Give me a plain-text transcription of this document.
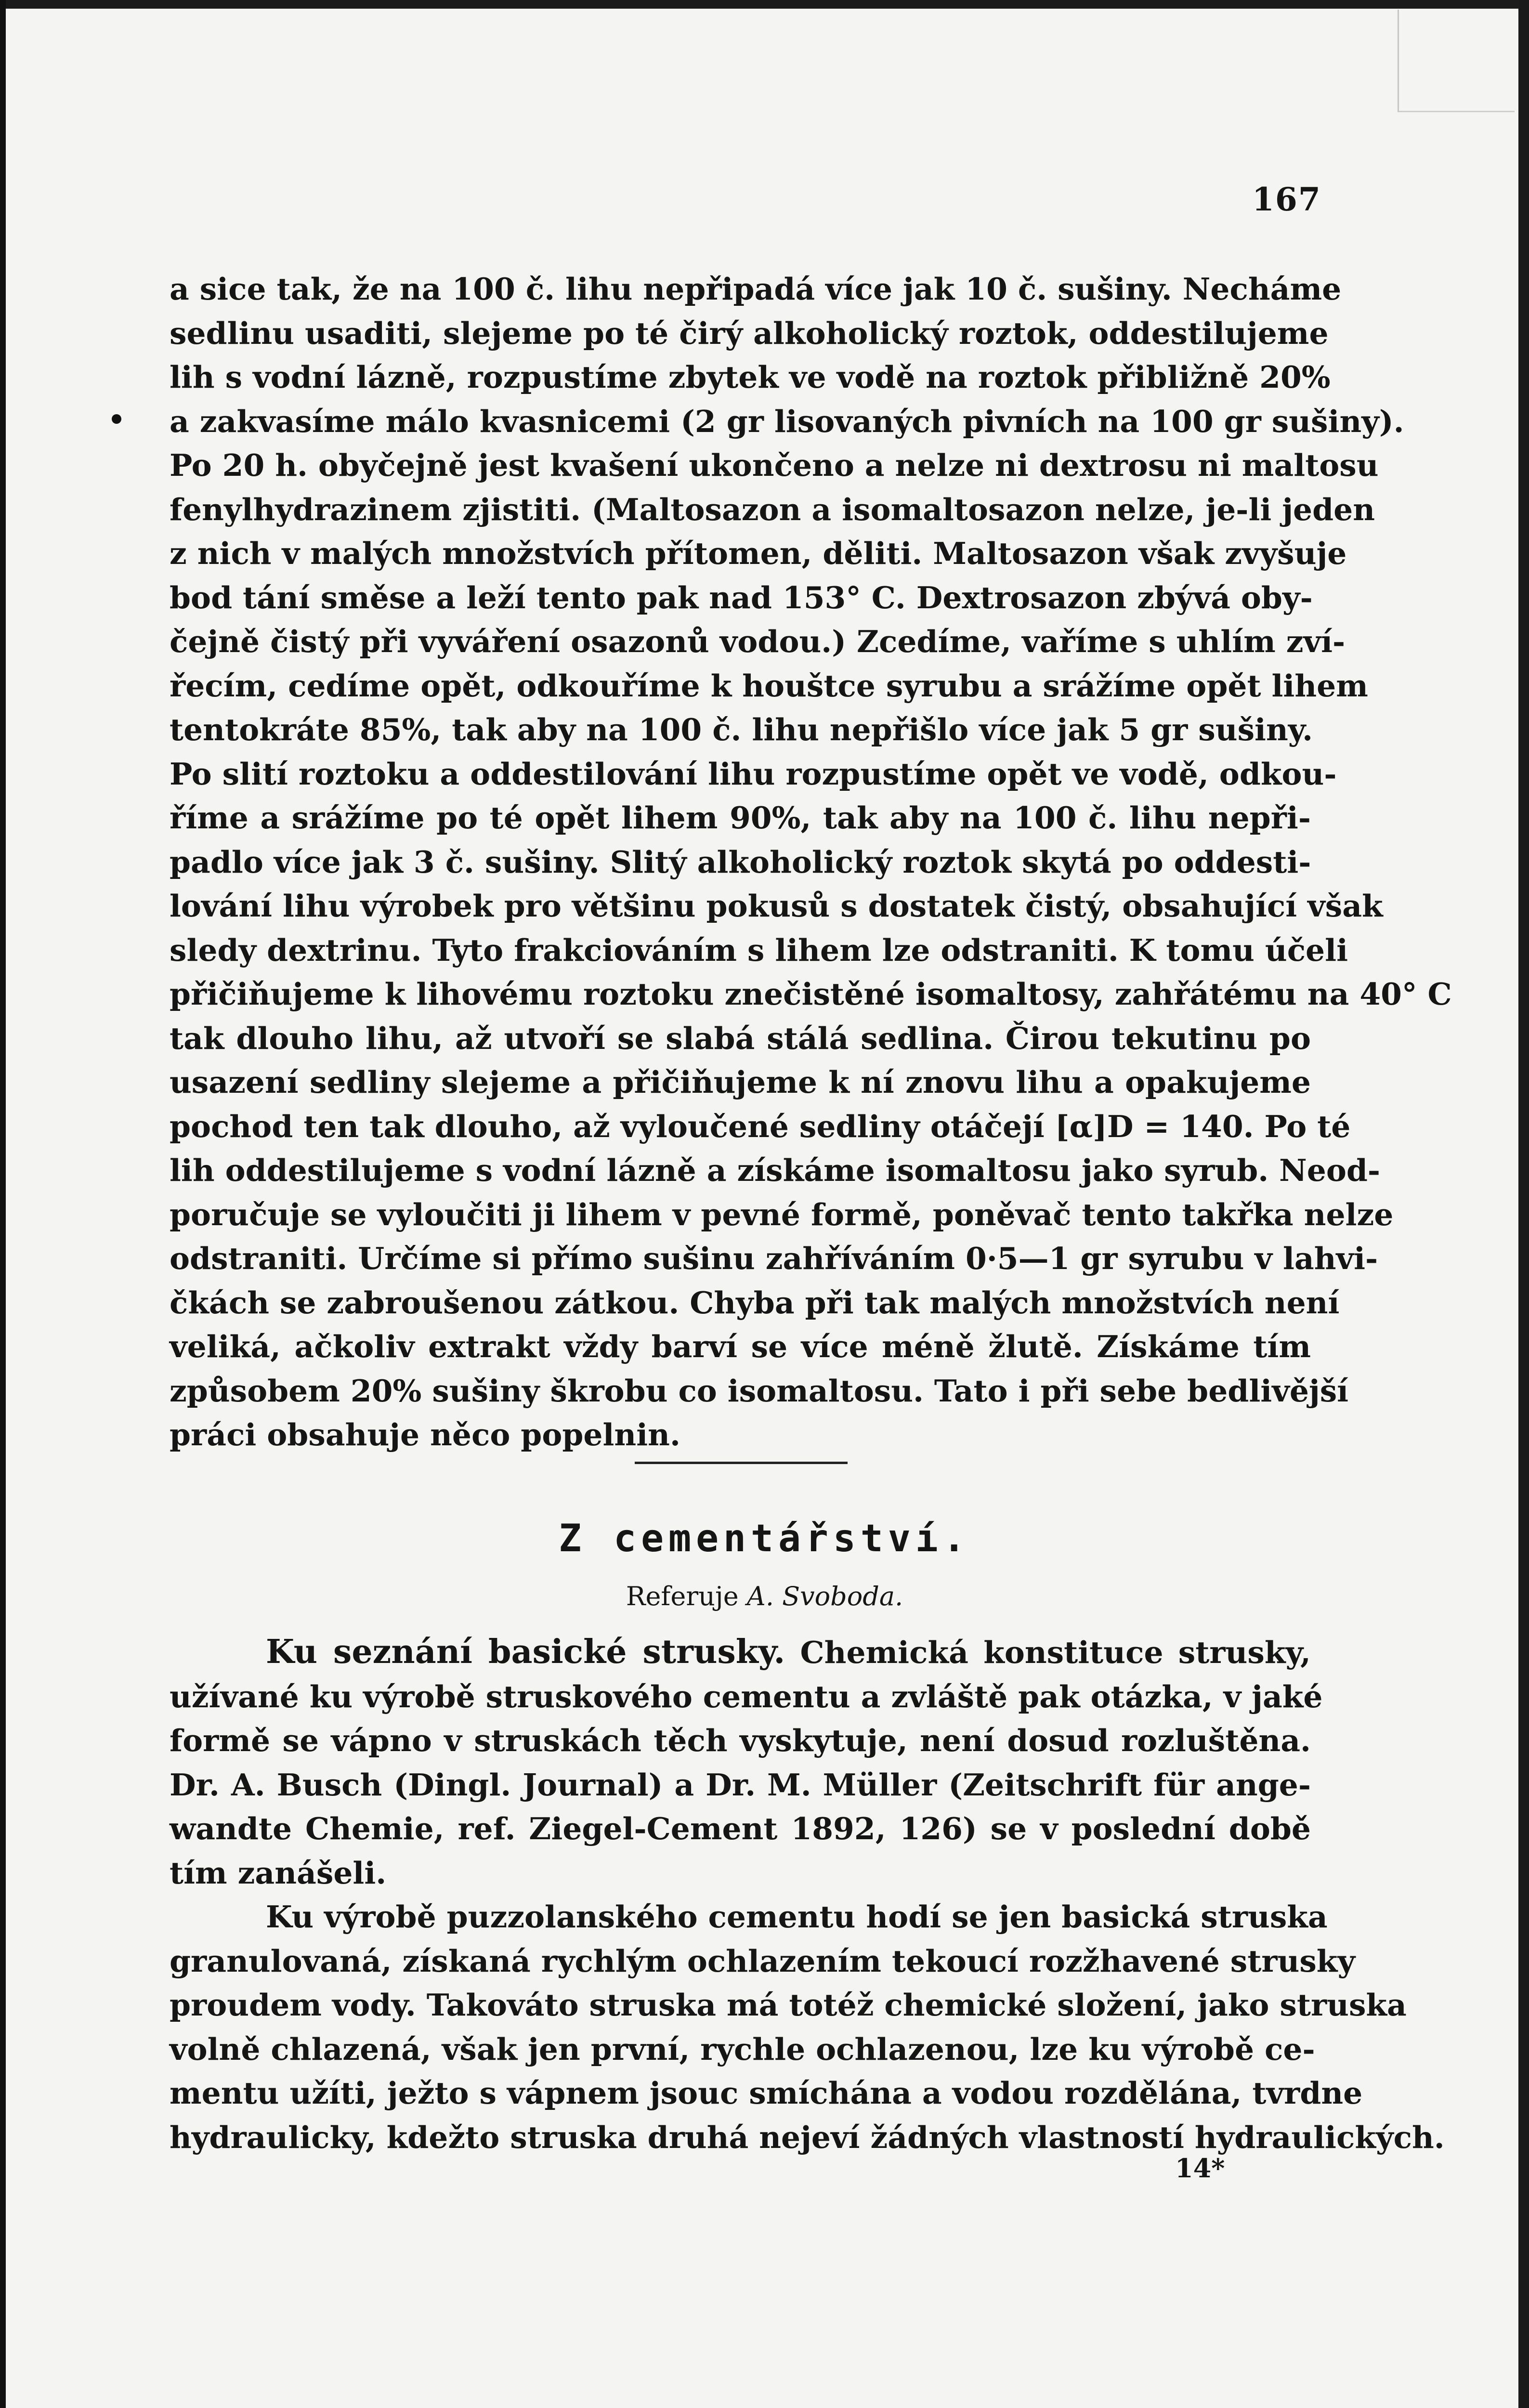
167
a sice tak, že na 100 č. lihu nepřipadá více jak 10 č. sušiny. Necháme
sedlinu usaditi, slejeme po té čirý alkoholický roztok, oddestilujeme
lih s vodní lázně, rozpustíme zbytek ve vodě na roztok přibližně 20%
a zakvasíme málo kvasnicemi (2 gr lisovaných pivních na 100 gr sušiny).
Po 20 h. obyčejně jest kvašení ukončeno a nelze ni dextrosu ni maltosu
fenylhydrazinem zjistiti. (Maltosazon a isomaltosazon nelze, je-li jeden
z nich v malých množstvích přítomen, děliti. Maltosazon však zvyšuje
bod tání směse a leží tento pak nad 153° C. Dextrosazon zbývá oby-
čejně čistý při vyváření osazonů vodou.) Zcedíme, vaříme s uhlím zví-
řecím, cedíme opět, odkouříme k houštce syrubu a srážíme opět lihem
tentokráte 85%, tak aby na 100 č. lihu nepřišlo více jak 5 gr sušiny.
Po slití roztoku a oddestilování lihu rozpustíme opět ve vodě, odkou-
říme a srážíme po té opět lihem 90%, tak aby na 100 č. lihu nepři-
padlo více jak 3 č. sušiny. Slitý alkoholický roztok skytá po oddesti-
lování lihu výrobek pro většinu pokusů s dostatek čistý, obsahující však
sledy dextrinu. Tyto frakciováním s lihem lze odstraniti. K tomu účeli
přičiňujeme k lihovému roztoku znečistěné isomaltosy, zahřátému na 40° C
tak dlouho lihu, až utvoří se slabá stálá sedlina. Čirou tekutinu po
usazení sedliny slejeme a přičiňujeme k ní znovu lihu a opakujeme
pochod ten tak dlouho, až vyloučené sedliny otáčejí [α]D = 140. Po té
lih oddestilujeme s vodní lázně a získáme isomaltosu jako syrub. Neod-
poručuje se vyloučiti ji lihem v pevné formě, poněvač tento takřka nelze
odstraniti. Určíme si přímo sušinu zahříváním 0·5—1 gr syrubu v lahvi-
čkách se zabroušenou zátkou. Chyba při tak malých množstvích není
veliká, ačkoliv extrakt vždy barví se více méně žlutě. Získáme tím
způsobem 20% sušiny škrobu co isomaltosu. Tato i při sebe bedlivější
práci obsahuje něco popelnin.
Z cementářství.
Referuje A. Svoboda.
Ku seznání basické strusky. Chemická konstituce strusky,
užívané ku výrobě struskového cementu a zvláště pak otázka, v jaké
formě se vápno v struskách těch vyskytuje, není dosud rozluštěna.
Dr. A. Busch (Dingl. Journal) a Dr. M. Müller (Zeitschrift für ange-
wandte Chemie, ref. Ziegel-Cement 1892, 126) se v poslední době
tím zanášeli.
Ku výrobě puzzolanského cementu hodí se jen basická struska
granulovaná, získaná rychlým ochlazením tekoucí rozžhavené strusky
proudem vody. Takováto struska má totéž chemické složení, jako struska
volně chlazená, však jen první, rychle ochlazenou, lze ku výrobě ce-
mentu užíti, ježto s vápnem jsouc smíchána a vodou rozdělána, tvrdne
hydraulicky, kdežto struska druhá nejeví žádných vlastností hydraulických.
14*
